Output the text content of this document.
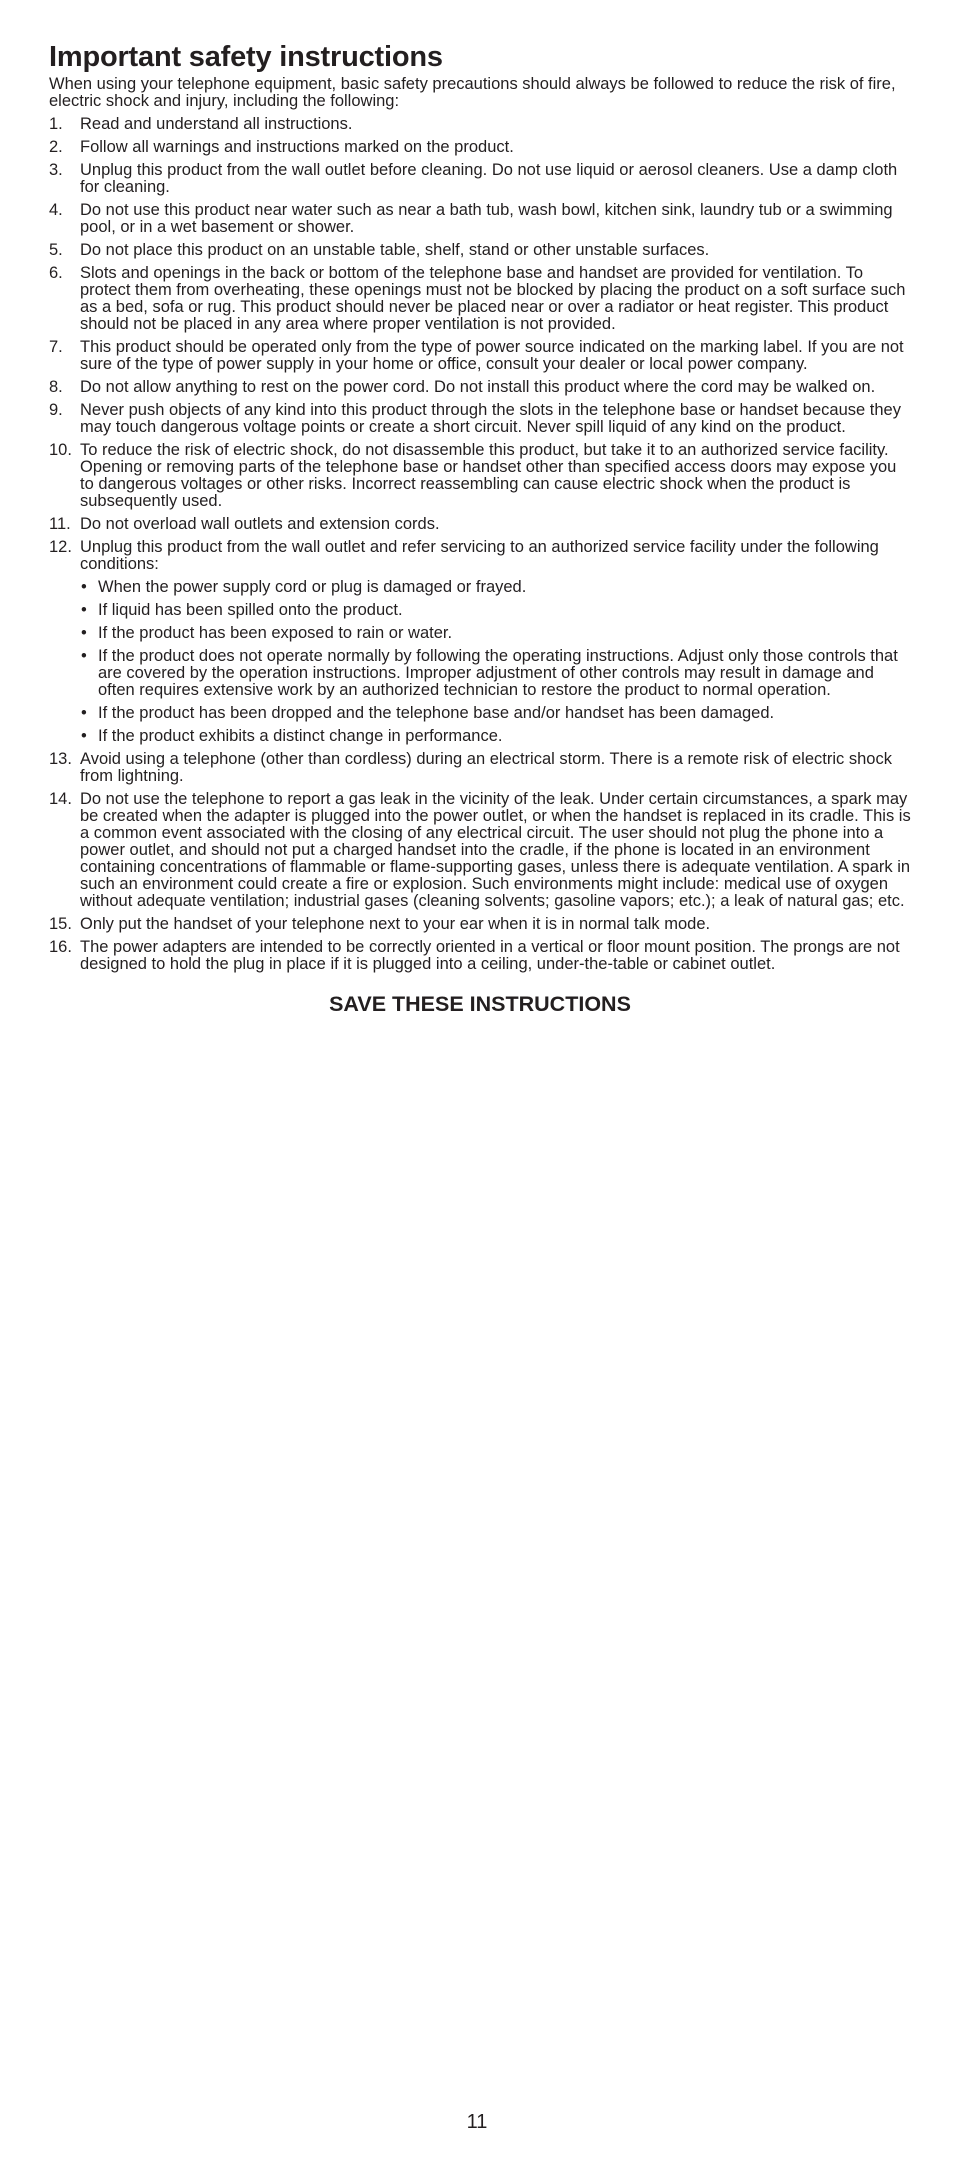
Important safety instructions

When using your telephone equipment, basic safety precautions should always be followed to reduce the risk of fire, electric shock and injury, including the following:

1. Read and understand all instructions.
2. Follow all warnings and instructions marked on the product.
3. Unplug this product from the wall outlet before cleaning. Do not use liquid or aerosol cleaners. Use a damp cloth for cleaning.
4. Do not use this product near water such as near a bath tub, wash bowl, kitchen sink, laundry tub or a swimming pool, or in a wet basement or shower.
5. Do not place this product on an unstable table, shelf, stand or other unstable surfaces.
6. Slots and openings in the back or bottom of the telephone base and handset are provided for ventilation. To protect them from overheating, these openings must not be blocked by placing the product on a soft surface such as a bed, sofa or rug. This product should never be placed near or over a radiator or heat register. This product should not be placed in any area where proper ventilation is not provided.
7. This product should be operated only from the type of power source indicated on the marking label. If you are not sure of the type of power supply in your home or office, consult your dealer or local power company.
8. Do not allow anything to rest on the power cord. Do not install this product where the cord may be walked on.
9. Never push objects of any kind into this product through the slots in the telephone base or handset because they may touch dangerous voltage points or create a short circuit. Never spill liquid of any kind on the product.
10. To reduce the risk of electric shock, do not disassemble this product, but take it to an authorized service facility. Opening or removing parts of the telephone base or handset other than specified access doors may expose you to dangerous voltages or other risks. Incorrect reassembling can cause electric shock when the product is subsequently used.
11. Do not overload wall outlets and extension cords.
12. Unplug this product from the wall outlet and refer servicing to an authorized service facility under the following conditions:
• When the power supply cord or plug is damaged or frayed.
• If liquid has been spilled onto the product.
• If the product has been exposed to rain or water.
• If the product does not operate normally by following the operating instructions. Adjust only those controls that are covered by the operation instructions. Improper adjustment of other controls may result in damage and often requires extensive work by an authorized technician to restore the product to normal operation.
• If the product has been dropped and the telephone base and/or handset has been damaged.
• If the product exhibits a distinct change in performance.
13. Avoid using a telephone (other than cordless) during an electrical storm. There is a remote risk of electric shock from lightning.
14. Do not use the telephone to report a gas leak in the vicinity of the leak. Under certain circumstances, a spark may be created when the adapter is plugged into the power outlet, or when the handset is replaced in its cradle. This is a common event associated with the closing of any electrical circuit. The user should not plug the phone into a power outlet, and should not put a charged handset into the cradle, if the phone is located in an environment containing concentrations of flammable or flame-supporting gases, unless there is adequate ventilation. A spark in such an environment could create a fire or explosion. Such environments might include: medical use of oxygen without adequate ventilation; industrial gases (cleaning solvents; gasoline vapors; etc.); a leak of natural gas; etc.
15. Only put the handset of your telephone next to your ear when it is in normal talk mode.
16. The power adapters are intended to be correctly oriented in a vertical or floor mount position. The prongs are not designed to hold the plug in place if it is plugged into a ceiling, under-the-table or cabinet outlet.
SAVE THESE INSTRUCTIONS
11
